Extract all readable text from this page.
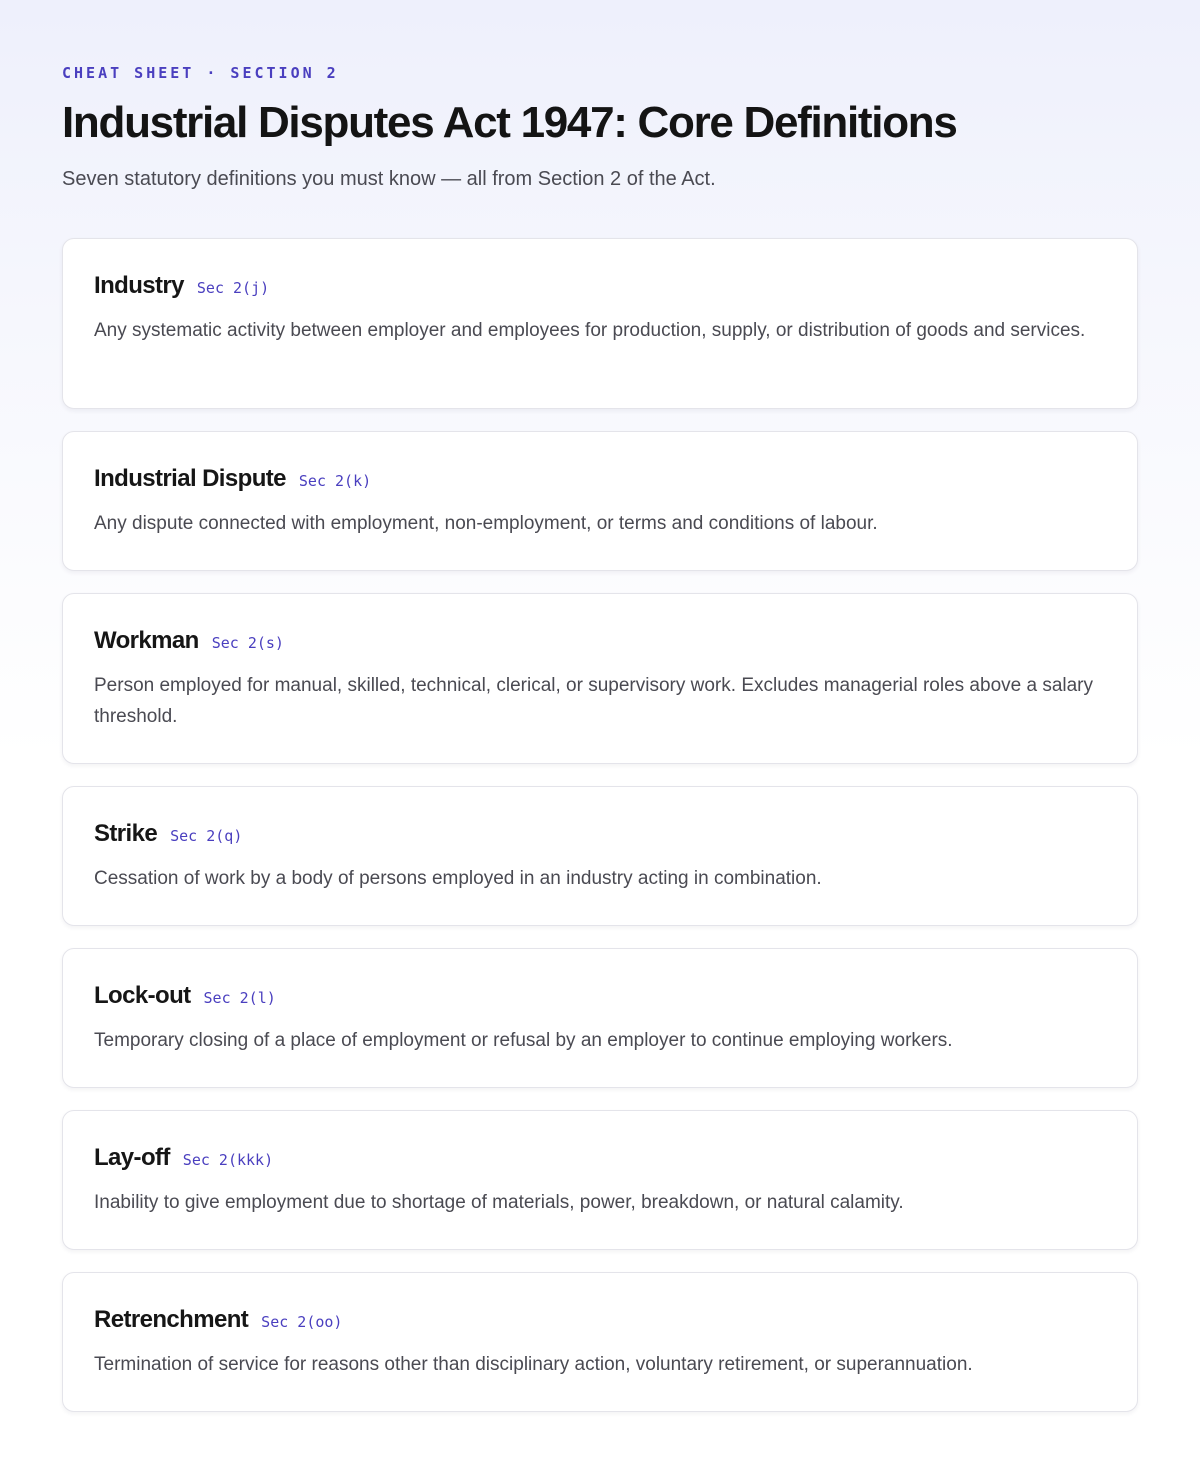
CHEAT SHEET · SECTION 2
Industrial Disputes Act 1947: Core Definitions

Seven statutory definitions you must know — all from Section 2 of the Act.

Industry Sec 2(j)
Any systematic activity between employer and employees for production, supply, or distribution of goods and services.
Industrial Dispute Sec 2(k)
Any dispute connected with employment, non-employment, or terms and conditions of labour.
Workman Sec 2(s)
Person employed for manual, skilled, technical, clerical, or supervisory work. Excludes managerial roles above a salary threshold.
Strike Sec 2(q)
Cessation of work by a body of persons employed in an industry acting in combination.
Lock-out Sec 2(l)
Temporary closing of a place of employment or refusal by an employer to continue employing workers.
Lay-off Sec 2(kkk)
Inability to give employment due to shortage of materials, power, breakdown, or natural calamity.
Retrenchment Sec 2(oo)
Termination of service for reasons other than disciplinary action, voluntary retirement, or superannuation.
